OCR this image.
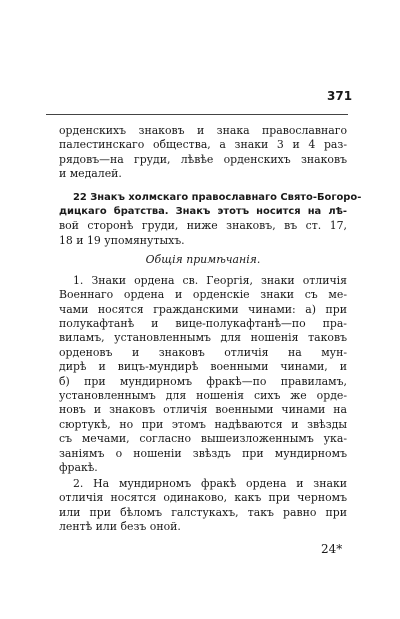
371
орденскихъ знаковъ и знака православнаго
палестинскаго общества, а знаки 3 и 4 раз-
рядовъ—на груди, лѣвѣе орденскихъ знаковъ
и медалей.
22 Знакъ холмскаго православнаго Свято-Богоро-
дицкаго братства. Знакъ этотъ носится на лѣ-
вой сторонѣ груди, ниже знаковъ, въ ст. 17,
18 и 19 упомянутыхъ.
Общія примѣчанія.
1. Знаки ордена св. Георгія, знаки отличія
Военнаго ордена и орденскіе знаки съ ме-
чами носятся гражданскими чинами: а) при
полукафтанѣ и вице-полукафтанѣ—по пра-
виламъ, установленнымъ для ношенія таковъ
орденовъ и знаковъ отличія на мун-
дирѣ и вицъ-мундирѣ военными чинами, и
б) при мундирномъ фракѣ—по правиламъ,
установленнымъ для ношенія сихъ же орде-
новъ и знаковъ отличія военными чинами на
сюртукѣ, но при этомъ надѣваются и звѣзды
съ мечами, согласно вышеизложеннымъ ука-
заніямъ о ношеніи звѣздъ при мундирномъ
фракѣ.
2. На мундирномъ фракѣ ордена и знаки
отличія носятся одинаково, какъ при черномъ
или при бѣломъ галстукахъ, такъ равно при
лентѣ или безъ оной.
24*
